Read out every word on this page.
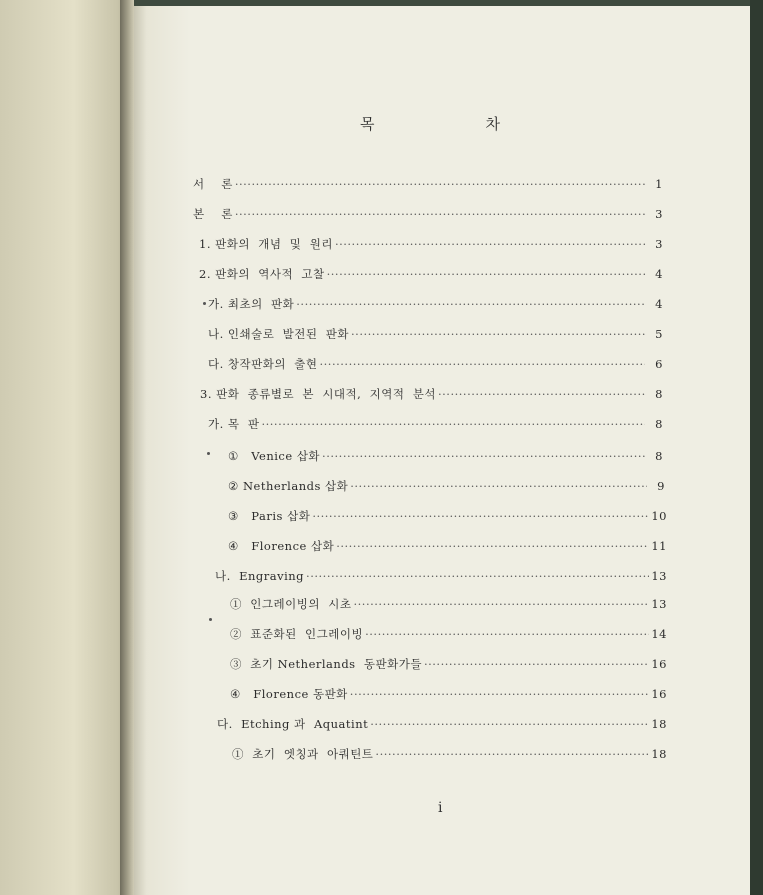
목	차
서    론 ·····	1
본    론 ·····	3
1. 판화의  개념  및  원리 ·····	3
2. 판화의  역사적  고찰 ·····	4
가. 최초의  판화 ·····	4
나. 인쇄술로  발전된  판화 ·····	5
다. 창작판화의  출현 ·····	6
3. 판화  종류별로  본  시대적,  지역적  분석 ·····	8
가. 목  판 ·····	8
①   Venice 삽화 ·····	8
② Netherlands 삽화 ·····	9
③   Paris 삽화 ·····	10
④   Florence 삽화 ·····	11
나.  Engraving ·····	13
①  인그레이빙의  시초 ·····	13
②  표준화된  인그레이빙 ·····	14
③  초기 Netherlands  동판화가들 ·····	16
④   Florence 동판화 ·····	16
다.  Etching 과  Aquatint ·····	18
①  초기  엣칭과  아쿼틴트 ·····	18
i
